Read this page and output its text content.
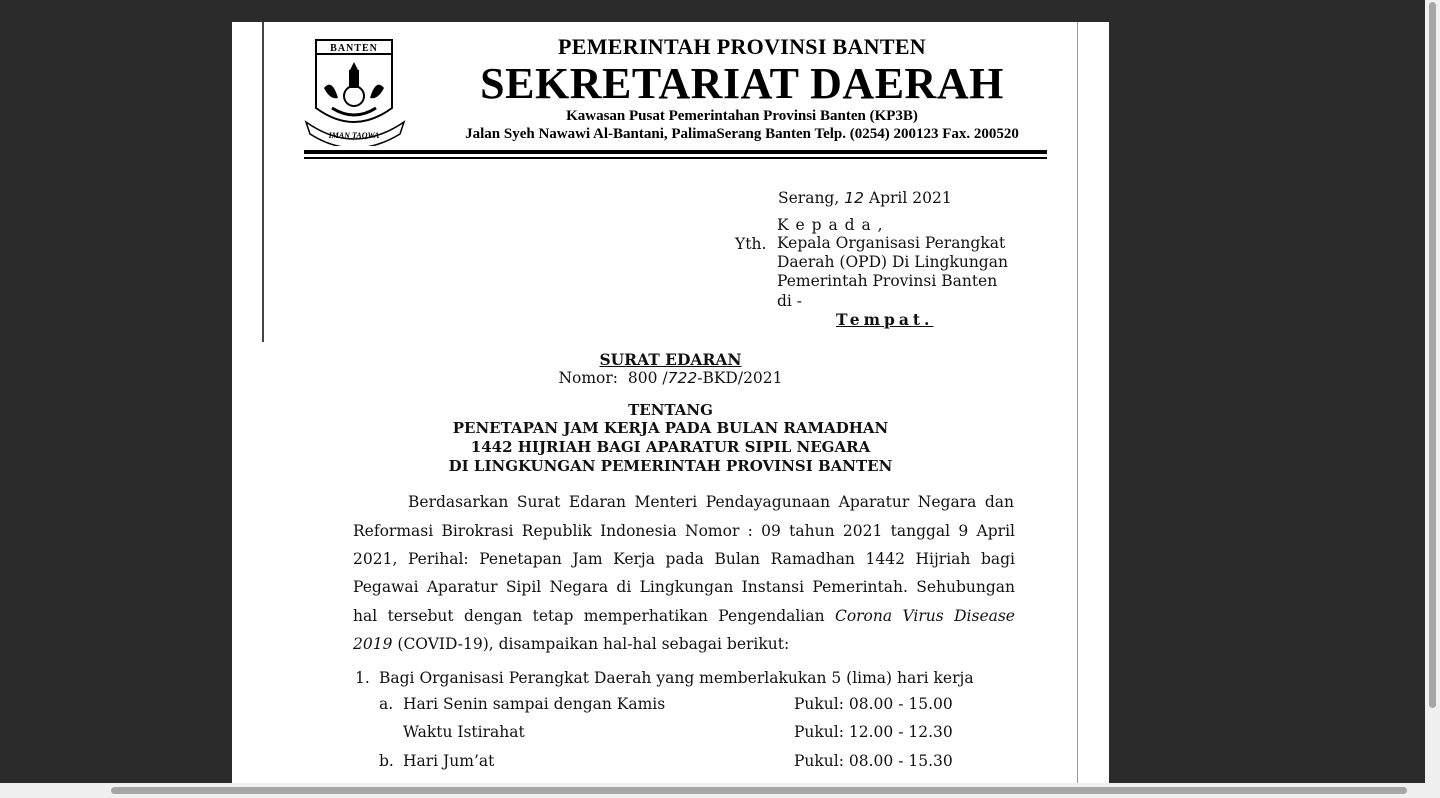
BANTEN
IMAN TAQWA
PEMERINTAH PROVINSI BANTEN
SEKRETARIAT DAERAH
Kawasan Pusat Pemerintahan Provinsi Banten (KP3B)
Jalan Syeh Nawawi Al-Bantani, PalimaSerang Banten Telp. (0254) 200123 Fax. 200520
Serang, 12 April 2021
K e p a d a ,
Yth. Kepala Organisasi Perangkat
Daerah (OPD) Di Lingkungan
Pemerintah Provinsi Banten
di -
Tempat.
SURAT EDARAN
Nomor: 800 /722-BKD/2021
TENTANG
PENETAPAN JAM KERJA PADA BULAN RAMADHAN
1442 HIJRIAH BAGI APARATUR SIPIL NEGARA
DI LINGKUNGAN PEMERINTAH PROVINSI BANTEN
Berdasarkan Surat Edaran Menteri Pendayagunaan Aparatur Negara dan
Reformasi Birokrasi Republik Indonesia Nomor : 09 tahun 2021 tanggal 9 April
2021, Perihal: Penetapan Jam Kerja pada Bulan Ramadhan 1442 Hijriah bagi
Pegawai Aparatur Sipil Negara di Lingkungan Instansi Pemerintah. Sehubungan
hal tersebut dengan tetap memperhatikan Pengendalian Corona Virus Disease
2019 (COVID-19), disampaikan hal-hal sebagai berikut:
1. Bagi Organisasi Perangkat Daerah yang memberlakukan 5 (lima) hari kerja
a. Hari Senin sampai dengan Kamis	Pukul: 08.00 - 15.00
Waktu Istirahat	Pukul: 12.00 - 12.30
b. Hari Jum’at	Pukul: 08.00 - 15.30
